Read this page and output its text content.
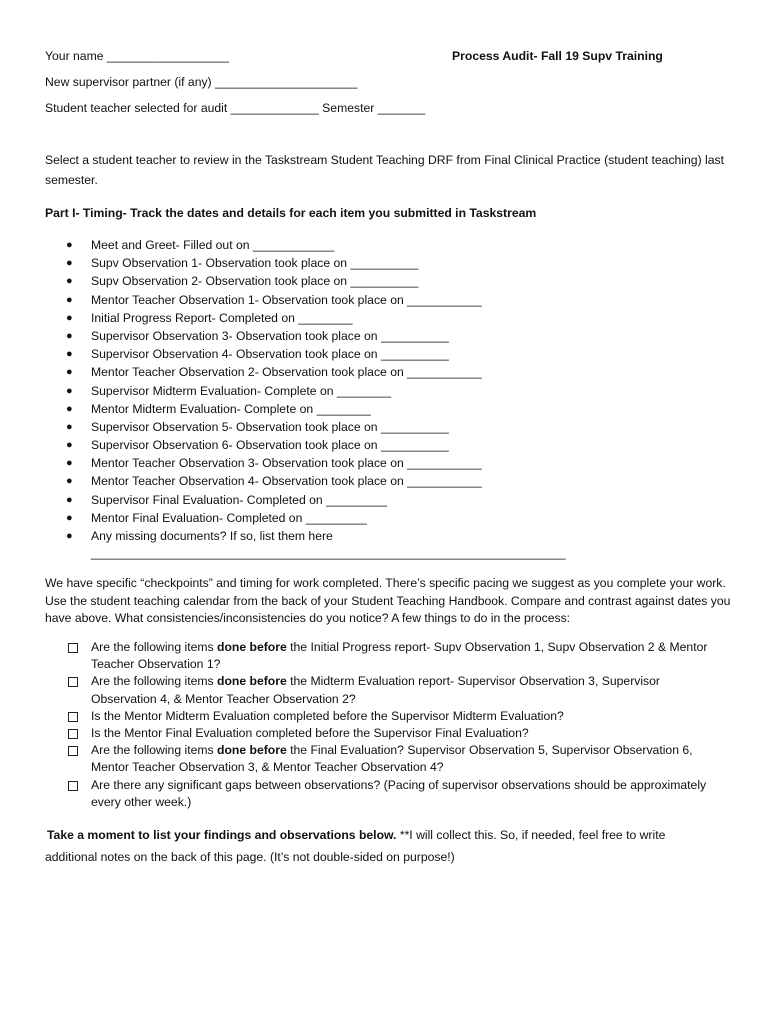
Your name __________________	Process Audit- Fall 19 Supv Training
New supervisor partner (if any) _____________________
Student teacher selected for audit _____________ Semester _______
Select a student teacher to review in the Taskstream Student Teaching DRF from Final Clinical Practice (student teaching) last semester.
Part I- Timing- Track the dates and details for each item you submitted in Taskstream
● Meet and Greet- Filled out on ____________
● Supv Observation 1- Observation took place on __________
● Supv Observation 2- Observation took place on __________
● Mentor Teacher Observation 1- Observation took place on ___________
● Initial Progress Report- Completed on ________
● Supervisor Observation 3- Observation took place on __________
● Supervisor Observation 4- Observation took place on __________
● Mentor Teacher Observation 2- Observation took place on ___________
● Supervisor Midterm Evaluation- Complete on ________
● Mentor Midterm Evaluation- Complete on ________
● Supervisor Observation 5- Observation took place on __________
● Supervisor Observation 6- Observation took place on __________
● Mentor Teacher Observation 3- Observation took place on ___________
● Mentor Teacher Observation 4- Observation took place on ___________
● Supervisor Final Evaluation- Completed on _________
● Mentor Final Evaluation- Completed on _________
● Any missing documents? If so, list them here
______________________________________________________________________
We have specific “checkpoints” and timing for work completed. There’s specific pacing we suggest as you complete your work. Use the student teaching calendar from the back of your Student Teaching Handbook. Compare and contrast against dates you have above. What consistencies/inconsistencies do you notice? A few things to do in the process:
Are the following items done before the Initial Progress report- Supv Observation 1, Supv Observation 2 & Mentor Teacher Observation 1?
Are the following items done before the Midterm Evaluation report- Supervisor Observation 3, Supervisor Observation 4, & Mentor Teacher Observation 2?
Is the Mentor Midterm Evaluation completed before the Supervisor Midterm Evaluation?
Is the Mentor Final Evaluation completed before the Supervisor Final Evaluation?
Are the following items done before the Final Evaluation? Supervisor Observation 5, Supervisor Observation 6, Mentor Teacher Observation 3, & Mentor Teacher Observation 4?
Are there any significant gaps between observations? (Pacing of supervisor observations should be approximately every other week.)
Take a moment to list your findings and observations below. **I will collect this. So, if needed, feel free to write
additional notes on the back of this page. (It’s not double-sided on purpose!)
